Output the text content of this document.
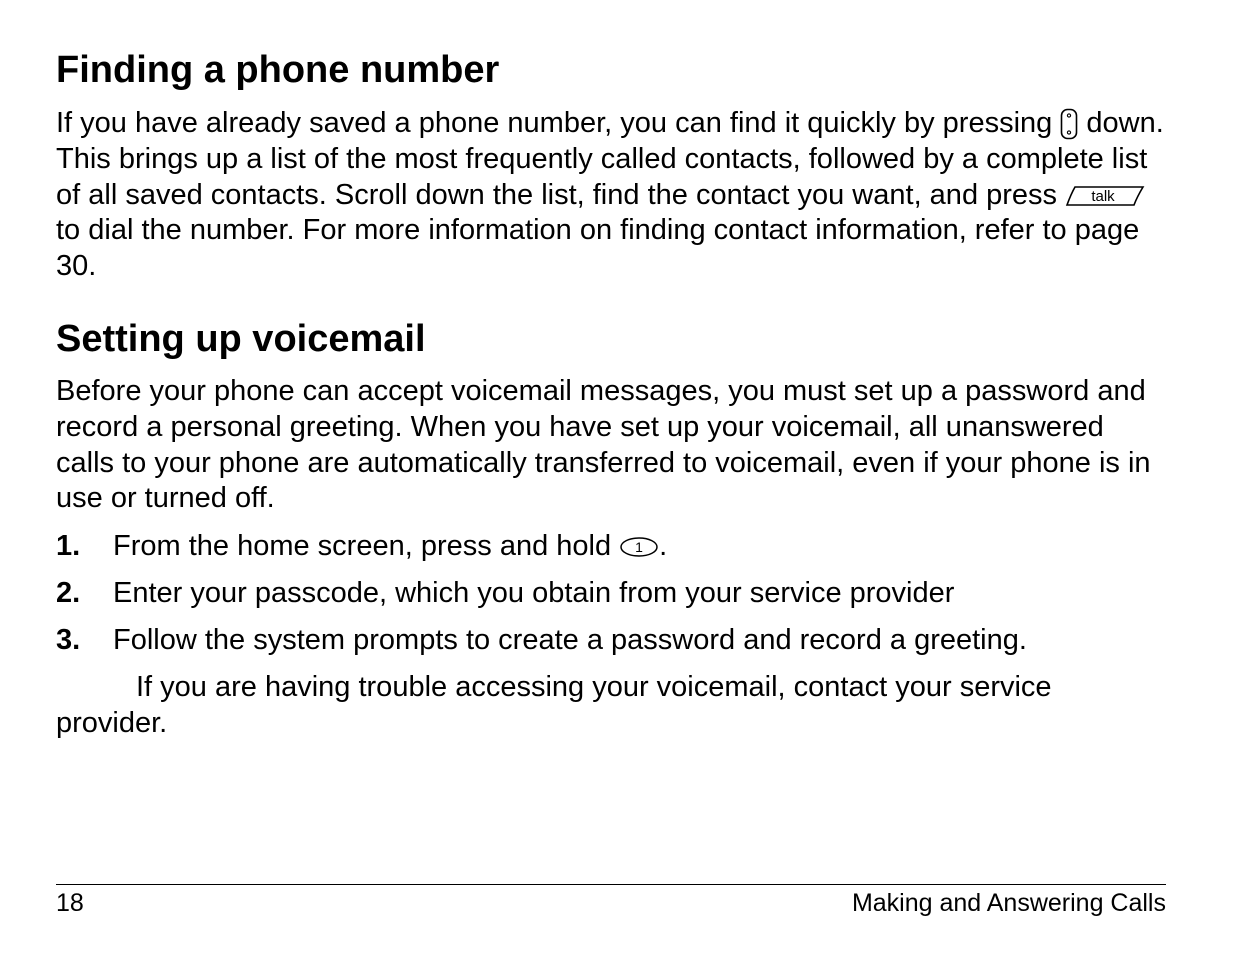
Finding a phone number

If you have already saved a phone number, you can find it quickly by pressing down. This brings up a list of the most frequently called contacts, followed by a complete list of all saved contacts. Scroll down the list, find the contact you want, and press talk
to dial the number. For more information on finding contact information, refer to page 30.

Setting up voicemail

Before your phone can accept voicemail messages, you must set up a password and record a personal greeting. When you have set up your voicemail, all unanswered calls to your phone are automatically transferred to voicemail, even if your phone is in use or turned off.

1. From the home screen, press and hold 1 .
2. Enter your passcode, which you obtain from your service provider
3. Follow the system prompts to create a password and record a greeting.

If you are having trouble accessing your voicemail, contact your service provider.

18	Making and Answering Calls
